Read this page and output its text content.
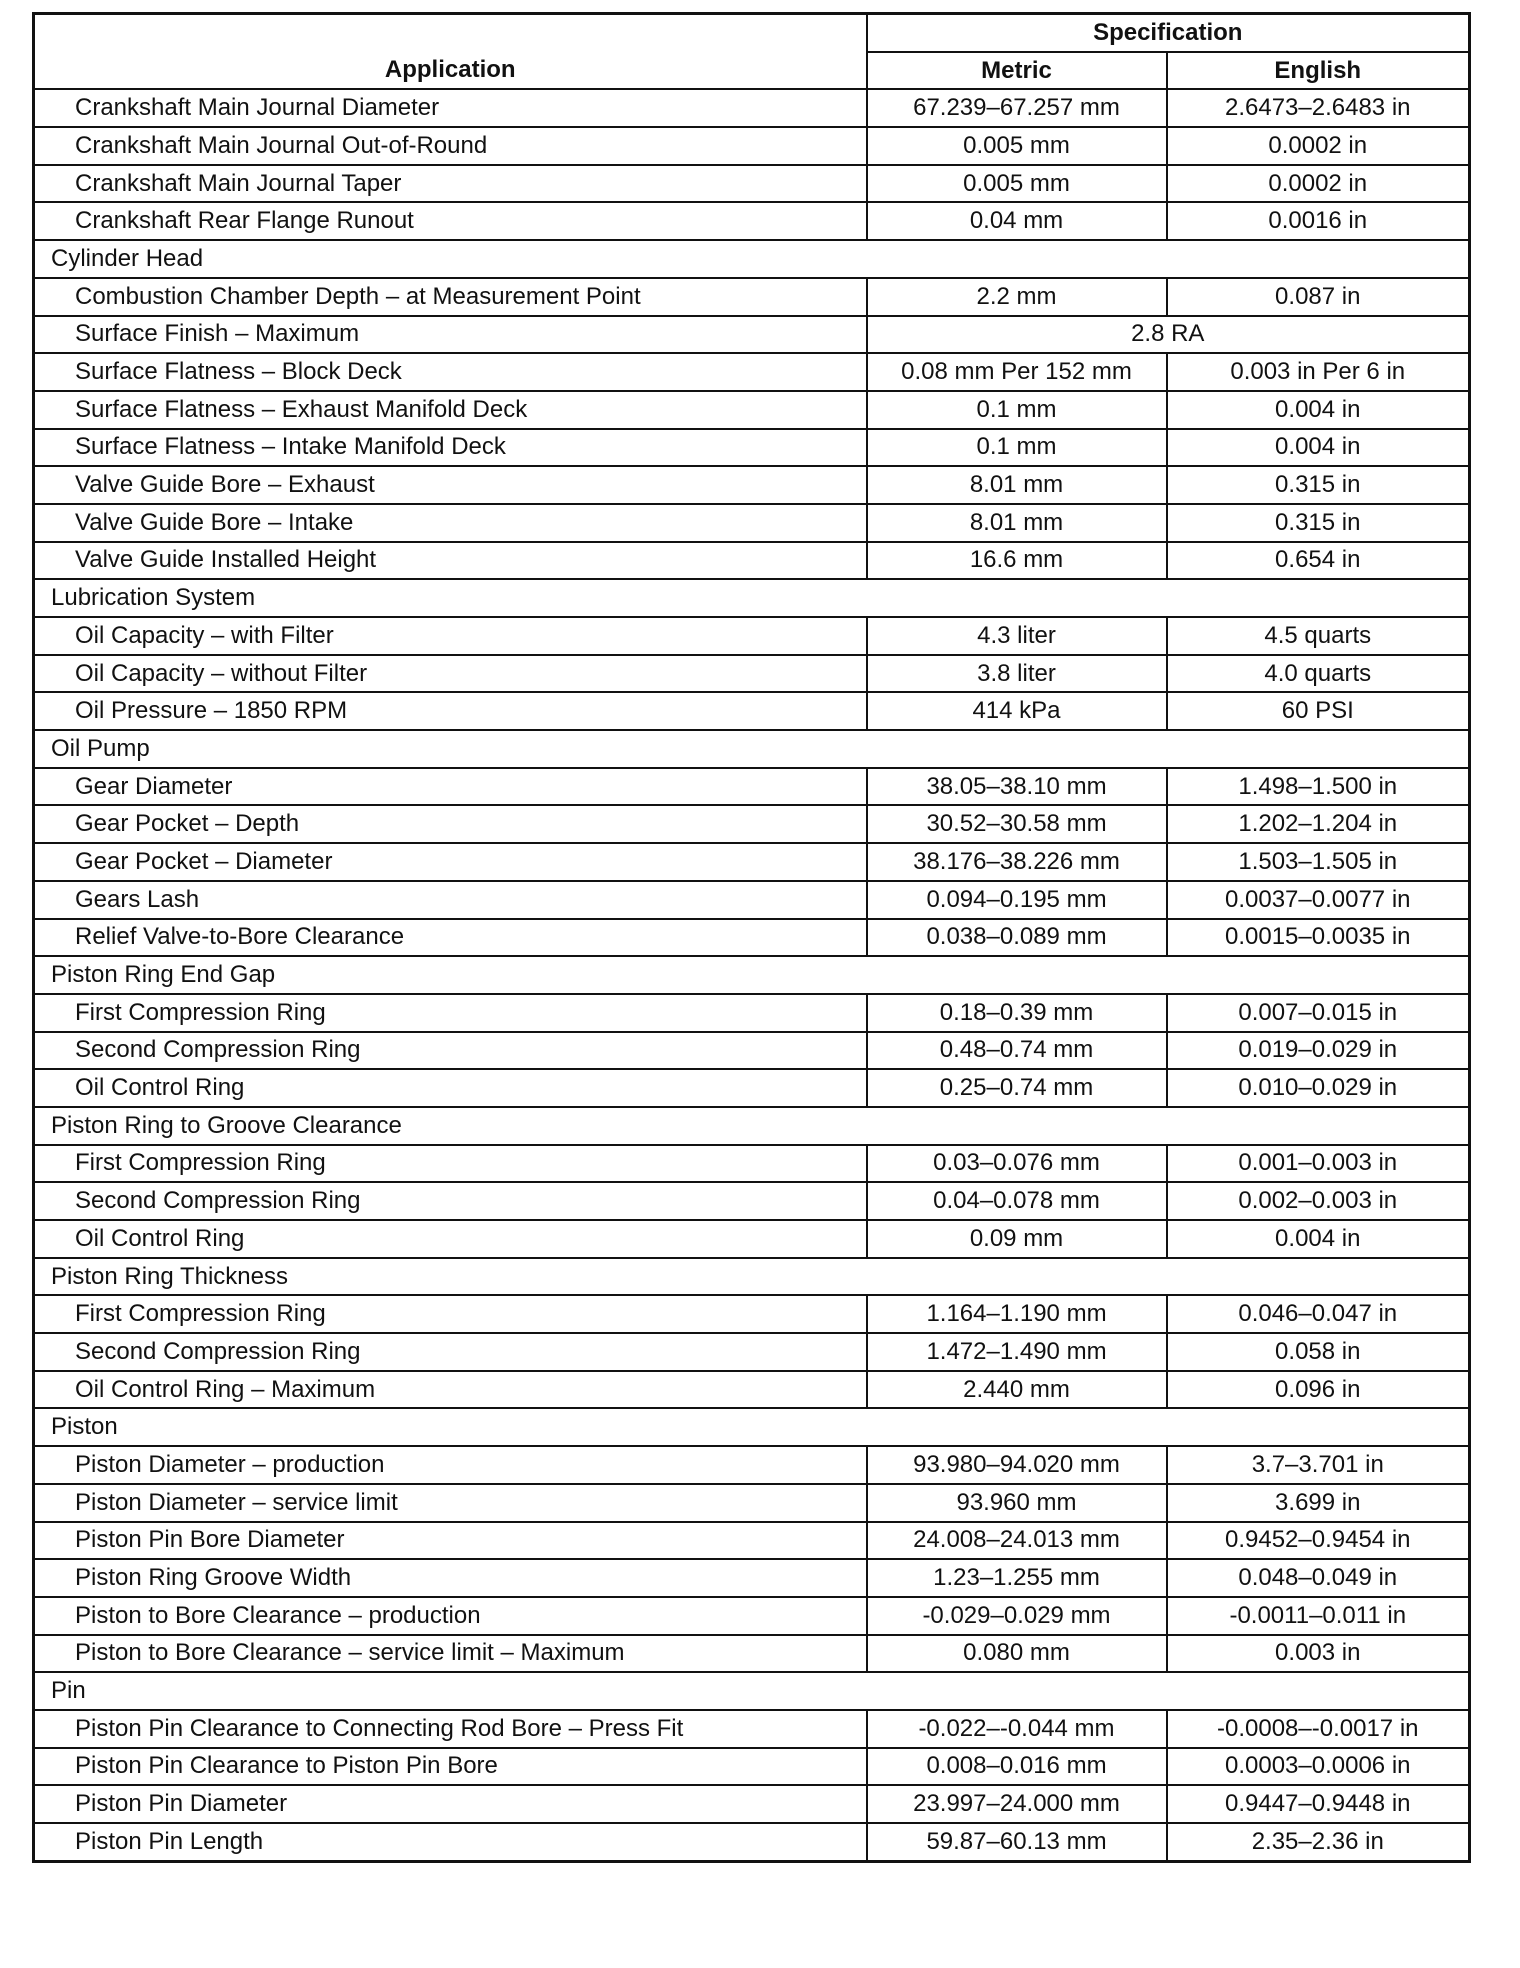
Application	Specification	
	Metric	English
Crankshaft Main Journal Diameter	67.239–67.257 mm	2.6473–2.6483 in
Crankshaft Main Journal Out-of-Round	0.005 mm	0.0002 in
Crankshaft Main Journal Taper	0.005 mm	0.0002 in
Crankshaft Rear Flange Runout	0.04 mm	0.0016 in
Cylinder Head		
Combustion Chamber Depth – at Measurement Point	2.2 mm	0.087 in
Surface Finish – Maximum	2.8 RA	
Surface Flatness – Block Deck	0.08 mm Per 152 mm	0.003 in Per 6 in
Surface Flatness – Exhaust Manifold Deck	0.1 mm	0.004 in
Surface Flatness – Intake Manifold Deck	0.1 mm	0.004 in
Valve Guide Bore – Exhaust	8.01 mm	0.315 in
Valve Guide Bore – Intake	8.01 mm	0.315 in
Valve Guide Installed Height	16.6 mm	0.654 in
Lubrication System		
Oil Capacity – with Filter	4.3 liter	4.5 quarts
Oil Capacity – without Filter	3.8 liter	4.0 quarts
Oil Pressure – 1850 RPM	414 kPa	60 PSI
Oil Pump		
Gear Diameter	38.05–38.10 mm	1.498–1.500 in
Gear Pocket – Depth	30.52–30.58 mm	1.202–1.204 in
Gear Pocket – Diameter	38.176–38.226 mm	1.503–1.505 in
Gears Lash	0.094–0.195 mm	0.0037–0.0077 in
Relief Valve-to-Bore Clearance	0.038–0.089 mm	0.0015–0.0035 in
Piston Ring End Gap		
First Compression Ring	0.18–0.39 mm	0.007–0.015 in
Second Compression Ring	0.48–0.74 mm	0.019–0.029 in
Oil Control Ring	0.25–0.74 mm	0.010–0.029 in
Piston Ring to Groove Clearance		
First Compression Ring	0.03–0.076 mm	0.001–0.003 in
Second Compression Ring	0.04–0.078 mm	0.002–0.003 in
Oil Control Ring	0.09 mm	0.004 in
Piston Ring Thickness		
First Compression Ring	1.164–1.190 mm	0.046–0.047 in
Second Compression Ring	1.472–1.490 mm	0.058 in
Oil Control Ring – Maximum	2.440 mm	0.096 in
Piston		
Piston Diameter – production	93.980–94.020 mm	3.7–3.701 in
Piston Diameter – service limit	93.960 mm	3.699 in
Piston Pin Bore Diameter	24.008–24.013 mm	0.9452–0.9454 in
Piston Ring Groove Width	1.23–1.255 mm	0.048–0.049 in
Piston to Bore Clearance – production	-0.029–0.029 mm	-0.0011–0.011 in
Piston to Bore Clearance – service limit – Maximum	0.080 mm	0.003 in
Pin		
Piston Pin Clearance to Connecting Rod Bore – Press Fit	-0.022–-0.044 mm	-0.0008–-0.0017 in
Piston Pin Clearance to Piston Pin Bore	0.008–0.016 mm	0.0003–0.0006 in
Piston Pin Diameter	23.997–24.000 mm	0.9447–0.9448 in
Piston Pin Length	59.87–60.13 mm	2.35–2.36 in
